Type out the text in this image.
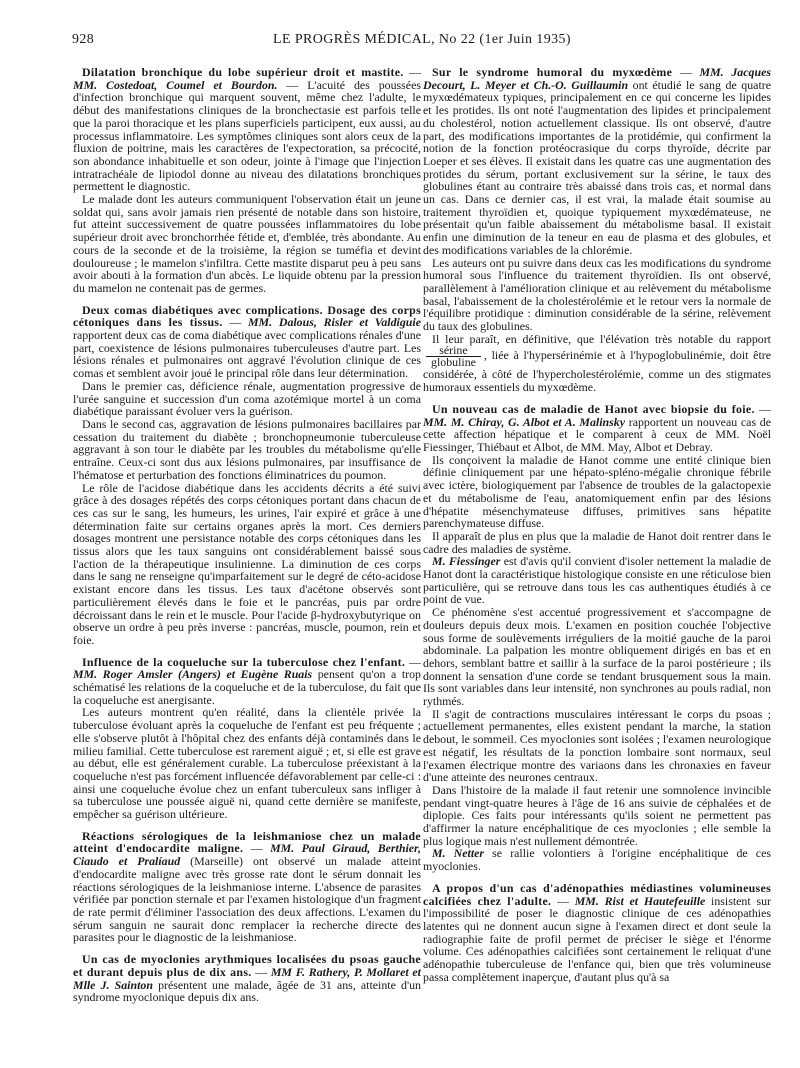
928	LE PROGRÈS MÉDICAL, No 22 (1er Juin 1935)

Dilatation bronchique du lobe supérieur droit et mastite. — MM. Costedoat, Coumel et Bourdon. — L'acuité des poussées d'infection bronchique qui marquent souvent, même chez l'adulte, le début des manifestations cliniques de la bronchectasie est parfois telle que la paroi thoracique et les plans superficiels participent, eux aussi, au processus inflammatoire. Les symptômes cliniques sont alors ceux de la fluxion de poitrine, mais les caractères de l'expectoration, sa précocité, son abondance inhabituelle et son odeur, jointe à l'image que l'injection intratrachéale de lipiodol donne au niveau des dilatations bronchiques permettent le diagnostic.

Le malade dont les auteurs communiquent l'observation était un jeune soldat qui, sans avoir jamais rien présenté de notable dans son histoire, fut atteint successivement de quatre poussées inflammatoires du lobe supérieur droit avec bronchorrhée fétide et, d'emblée, très abondante. Au cours de la seconde et de la troisième, la région se tuméfia et devint douloureuse ; le mamelon s'infiltra. Cette mastite disparut peu à peu sans avoir abouti à la formation d'un abcès. Le liquide obtenu par la pression du mamelon ne contenait pas de germes.

Deux comas diabétiques avec complications. Dosage des corps cétoniques dans les tissus. — MM. Dalous, Risler et Valdiguie rapportent deux cas de coma diabétique avec complications rénales d'une part, coexistence de lésions pulmonaires tuberculeuses d'autre part. Les lésions rénales et pulmonaires ont aggravé l'évolution clinique de ces comas et semblent avoir joué le principal rôle dans leur détermination.

Dans le premier cas, déficience rénale, augmentation progressive de l'urée sanguine et succession d'un coma azotémique mortel à un coma diabétique paraissant évoluer vers la guérison.

Dans le second cas, aggravation de lésions pulmonaires bacillaires par cessation du traitement du diabète ; bronchopneumonie tuberculeuse aggravant à son tour le diabète par les troubles du métabolisme qu'elle entraîne. Ceux-ci sont dus aux lésions pulmonaires, par insuffisance de l'hématose et perturbation des fonctions éliminatrices du poumon.

Le rôle de l'acidose diabétique dans les accidents décrits a été suivi grâce à des dosages répétés des corps cétoniques portant dans chacun de ces cas sur le sang, les humeurs, les urines, l'air expiré et grâce à une détermination faite sur certains organes après la mort. Ces derniers dosages montrent une persistance notable des corps cétoniques dans les tissus alors que les taux sanguins ont considérablement baissé sous l'action de la thérapeutique insulinienne. La diminution de ces corps dans le sang ne renseigne qu'imparfaitement sur le degré de céto-acidose existant encore dans les tissus. Les taux d'acétone observés sont particulièrement élevés dans le foie et le pancréas, puis par ordre décroissant dans le rein et le muscle. Pour l'acide β-hydroxybutyrique on observe un ordre à peu près inverse : pancréas, muscle, poumon, rein et foie.

Influence de la coqueluche sur la tuberculose chez l'enfant. — MM. Roger Amsler (Angers) et Eugène Ruais pensent qu'on a trop schématisé les relations de la coqueluche et de la tuberculose, du fait que la coqueluche est anergisante.

Les auteurs montrent qu'en réalité, dans la clientèle privée la tuberculose évoluant après la coqueluche de l'enfant est peu fréquente ; elle s'observe plutôt à l'hôpital chez des enfants déjà contaminés dans le milieu familial. Cette tuberculose est rarement aiguë ; et, si elle est grave au début, elle est généralement curable. La tuberculose préexistant à la coqueluche n'est pas forcément influencée défavorablement par celle-ci : ainsi une coqueluche évolue chez un enfant tuberculeux sans infliger à sa tuberculose une poussée aiguë ni, quand cette dernière se manifeste, empêcher sa guérison ultérieure.

Réactions sérologiques de la leishmaniose chez un malade atteint d'endocardite maligne. — MM. Paul Giraud, Berthier, Ciaudo et Pralíaud (Marseille) ont observé un malade atteint d'endocardite maligne avec très grosse rate dont le sérum donnait les réactions sérologiques de la leishmaniose interne. L'absence de parasites vérifiée par ponction sternale et par l'examen histologique d'un fragment de rate permit d'éliminer l'association des deux affections. L'examen du sérum sanguin ne saurait donc remplacer la recherche directe des parasites pour le diagnostic de la leishmaniose.

Un cas de myoclonies arythmiques localisées du psoas gauche et durant depuis plus de dix ans. — MM F. Rathery, P. Mollaret et Mlle J. Sainton présentent une malade, âgée de 31 ans, atteinte d'un syndrome myoclonique depuis dix ans.

Sur le syndrome humoral du myxœdème — MM. Jacques Decourt, L. Meyer et Ch.-O. Guillaumin ont étudié le sang de quatre myxœdémateux typiques, principalement en ce qui concerne les lipides et les protides. Ils ont noté l'augmentation des lipides et principalement du cholestérol, notion actuellement classique. Ils ont observé, d'autre part, des modifications importantes de la protidémie, qui confirment la notion de la fonction protéocrasique du corps thyroïde, décrite par Loeper et ses élèves. Il existait dans les quatre cas une augmentation des protides du sérum, portant exclusivement sur la sérine, le taux des globulines étant au contraire très abaissé dans trois cas, et normal dans un cas. Dans ce dernier cas, il est vrai, la malade était soumise au traitement thyroïdien et, quoique typiquement myxœdémateuse, ne présentait qu'un faible abaissement du métabolisme basal. Il existait enfin une diminution de la teneur en eau de plasma et des globules, et des modifications variables de la chlorémie.

Les auteurs ont pu suivre dans deux cas les modifications du syndrome humoral sous l'influence du traitement thyroïdien. Ils ont observé, parallèlement à l'amélioration clinique et au relèvement du métabolisme basal, l'abaissement de la cholestérolémie et le retour vers la normale de l'équilibre protidique : diminution considérable de la sérine, relèvement du taux des globulines.

Il leur paraît, en définitive, que l'élévation très notable du rapport
$\frac{\text{sérine}}{\text{globuline}}$ , liée à l'hypersérinémie et à l'hypoglobulinémie, doit être considérée, à côté de l'hypercholestérolémie, comme un des stigmates humoraux essentiels du myxœdème.

Un nouveau cas de maladie de Hanot avec biopsie du foie. — MM. M. Chiray, G. Albot et A. Malinsky rapportent un nouveau cas de cette affection hépatique et le comparent à ceux de MM. Noël Fiessinger, Thiébaut et Albot, de MM. May, Albot et Debray.

Ils conçoivent la maladie de Hanot comme une entité clinique bien définie cliniquement par une hépato-spléno-mégalie chronique fébrile avec ictère, biologiquement par l'absence de troubles de la galactopexie et du métabolisme de l'eau, anatomiquement enfin par des lésions d'hépatite mésenchymateuse diffuses, primitives sans hépatite parenchymateuse diffuse.

Il apparaît de plus en plus que la maladie de Hanot doit rentrer dans le cadre des maladies de système.

M. Fiessinger est d'avis qu'il convient d'isoler nettement la maladie de Hanot dont la caractéristique histologique consiste en une réticulose bien particulière, qui se retrouve dans tous les cas authentiques étudiés à ce point de vue.

Ce phénomène s'est accentué progressivement et s'accompagne de douleurs depuis deux mois. L'examen en position couchée l'objective sous forme de soulèvements irréguliers de la moitié gauche de la paroi abdominale. La palpation les montre obliquement dirigés en bas et en dehors, semblant battre et saillir à la surface de la paroi postérieure ; ils donnent la sensation d'une corde se tendant brusquement sous la main. Ils sont variables dans leur intensité, non synchrones au pouls radial, non rythmés.

Il s'agit de contractions musculaires intéressant le corps du psoas ; actuellement permanentes, elles existent pendant la marche, la station debout, le sommeil. Ces myoclonies sont isolées ; l'examen neurologique est négatif, les résultats de la ponction lombaire sont normaux, seul l'examen électrique montre des variaons dans les chronaxies en faveur d'une atteinte des neurones centraux.

Dans l'histoire de la malade il faut retenir une somnolence invincible pendant vingt-quatre heures à l'âge de 16 ans suivie de céphalées et de diplopie. Ces faits pour intéressants qu'ils soient ne permettent pas d'affirmer la nature encéphalitique de ces myoclonies ; elle semble la plus logique mais n'est nullement démontrée.

M. Netter se rallie volontiers à l'origine encéphalitique de ces myoclonies.

A propos d'un cas d'adénopathies médiastines volumineuses calcifiées chez l'adulte. — MM. Rist et Hautefeuille insistent sur l'impossibilité de poser le diagnostic clinique de ces adénopathies latentes qui ne donnent aucun signe à l'examen direct et dont seule la radiographie faite de profil permet de préciser le siège et l'énorme volume. Ces adénopathies calcifiées sont certainement le reliquat d'une adénopathie tuberculeuse de l'enfance qui, bien que très volumineuse passa complètement inaperçue, d'autant plus qu'à sa
